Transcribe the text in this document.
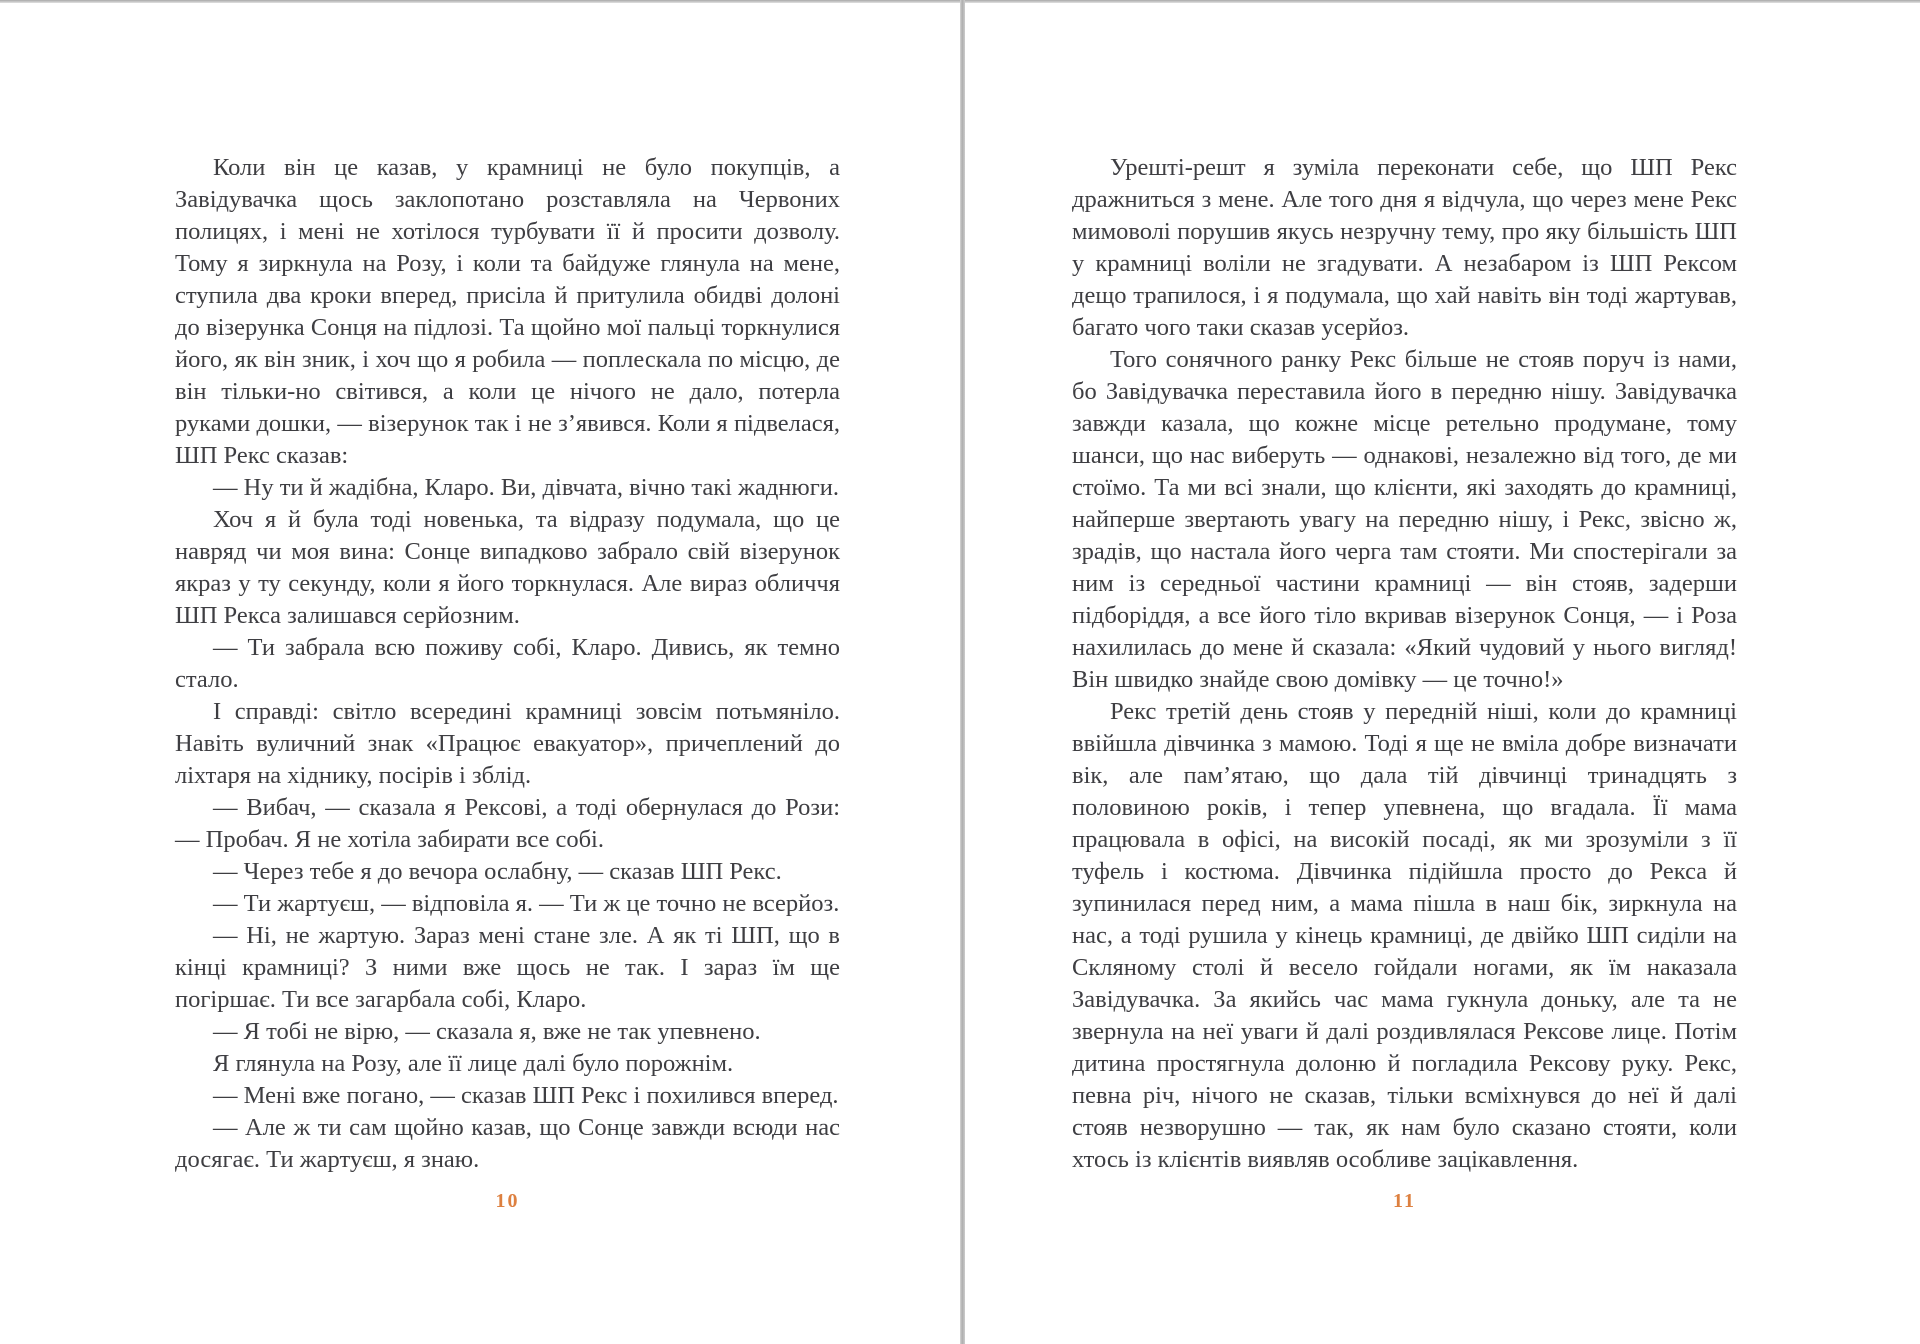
Коли він це казав, у крамниці не було покупців, а Завідувачка щось заклопотано розставляла на Червоних полицях, і мені не хотілося турбувати її й просити дозволу. Тому я зиркнула на Розу, і коли та байдуже глянула на мене, ступила два кроки вперед, присіла й притулила обидві долоні до візерунка Сонця на підлозі. Та щойно мої пальці торкнулися його, як він зник, і хоч що я робила — поплескала по місцю, де він тільки-но світився, а коли це нічого не дало, потерла руками дошки, — візерунок так і не з’явився. Коли я підвелася, ШП Рекс сказав:

— Ну ти й жадібна, Кларо. Ви, дівчата, вічно такі жаднюги.

Хоч я й була тоді новенька, та відразу подумала, що це навряд чи моя вина: Сонце випадково забрало свій візерунок якраз у ту секунду, коли я його торкнулася. Але вираз обличчя ШП Рекса залишався серйозним.

— Ти забрала всю поживу собі, Кларо. Дивись, як темно стало.

І справді: світло всередині крамниці зовсім потьмяніло. Навіть вуличний знак «Працює евакуатор», причеплений до ліхтаря на хіднику, посірів і зблід.

— Вибач, — сказала я Рексові, а тоді обернулася до Рози: — Пробач. Я не хотіла забирати все собі.

— Через тебе я до вечора ослабну, — сказав ШП Рекс.

— Ти жартуєш, — відповіла я. — Ти ж це точно не всерйоз.

— Ні, не жартую. Зараз мені стане зле. А як ті ШП, що в кінці крамниці? З ними вже щось не так. І зараз їм ще погіршає. Ти все загарбала собі, Кларо.

— Я тобі не вірю, — сказала я, вже не так упевнено.

Я глянула на Розу, але її лице далі було порожнім.

— Мені вже погано, — сказав ШП Рекс і похилився вперед.

— Але ж ти сам щойно казав, що Сонце завжди всюди нас досягає. Ти жартуєш, я знаю.

10

Урешті-решт я зуміла переконати себе, що ШП Рекс дражниться з мене. Але того дня я відчула, що через мене Рекс мимоволі порушив якусь незручну тему, про яку більшість ШП у крамниці воліли не згадувати. А незабаром із ШП Рексом дещо трапилося, і я подумала, що хай навіть він тоді жартував, багато чого таки сказав усерйоз.

Того сонячного ранку Рекс більше не стояв поруч із нами, бо Завідувачка переставила його в передню нішу. Завідувачка завжди казала, що кожне місце ретельно продумане, тому шанси, що нас виберуть — однакові, незалежно від того, де ми стоїмо. Та ми всі знали, що клієнти, які заходять до крамниці, найперше звертають увагу на передню нішу, і Рекс, звісно ж, зрадів, що настала його черга там стояти. Ми спостерігали за ним із середньої частини крамниці — він стояв, задерши підборіддя, а все його тіло вкривав візерунок Сонця, — і Роза нахилилась до мене й сказала: «Який чудовий у нього вигляд! Він швидко знайде свою домівку — це точно!»

Рекс третій день стояв у передній ніші, коли до крамниці ввійшла дівчинка з мамою. Тоді я ще не вміла добре визначати вік, але пам’ятаю, що дала тій дівчинці тринадцять з половиною років, і тепер упевнена, що вгадала. Її мама працювала в офісі, на високій посаді, як ми зрозуміли з її туфель і костюма. Дівчинка підійшла просто до Рекса й зупинилася перед ним, а мама пішла в наш бік, зиркнула на нас, а тоді рушила у кінець крамниці, де двійко ШП сиділи на Скляному столі й весело гойдали ногами, як їм наказала Завідувачка. За якийсь час мама гукнула доньку, але та не звернула на неї уваги й далі роздивлялася Рексове лице. Потім дитина простягнула долоню й погладила Рексову руку. Рекс, певна річ, нічого не сказав, тільки всміхнувся до неї й далі стояв незворушно — так, як нам було сказано стояти, коли хтось із клієнтів виявляв особливе зацікавлення.

11
